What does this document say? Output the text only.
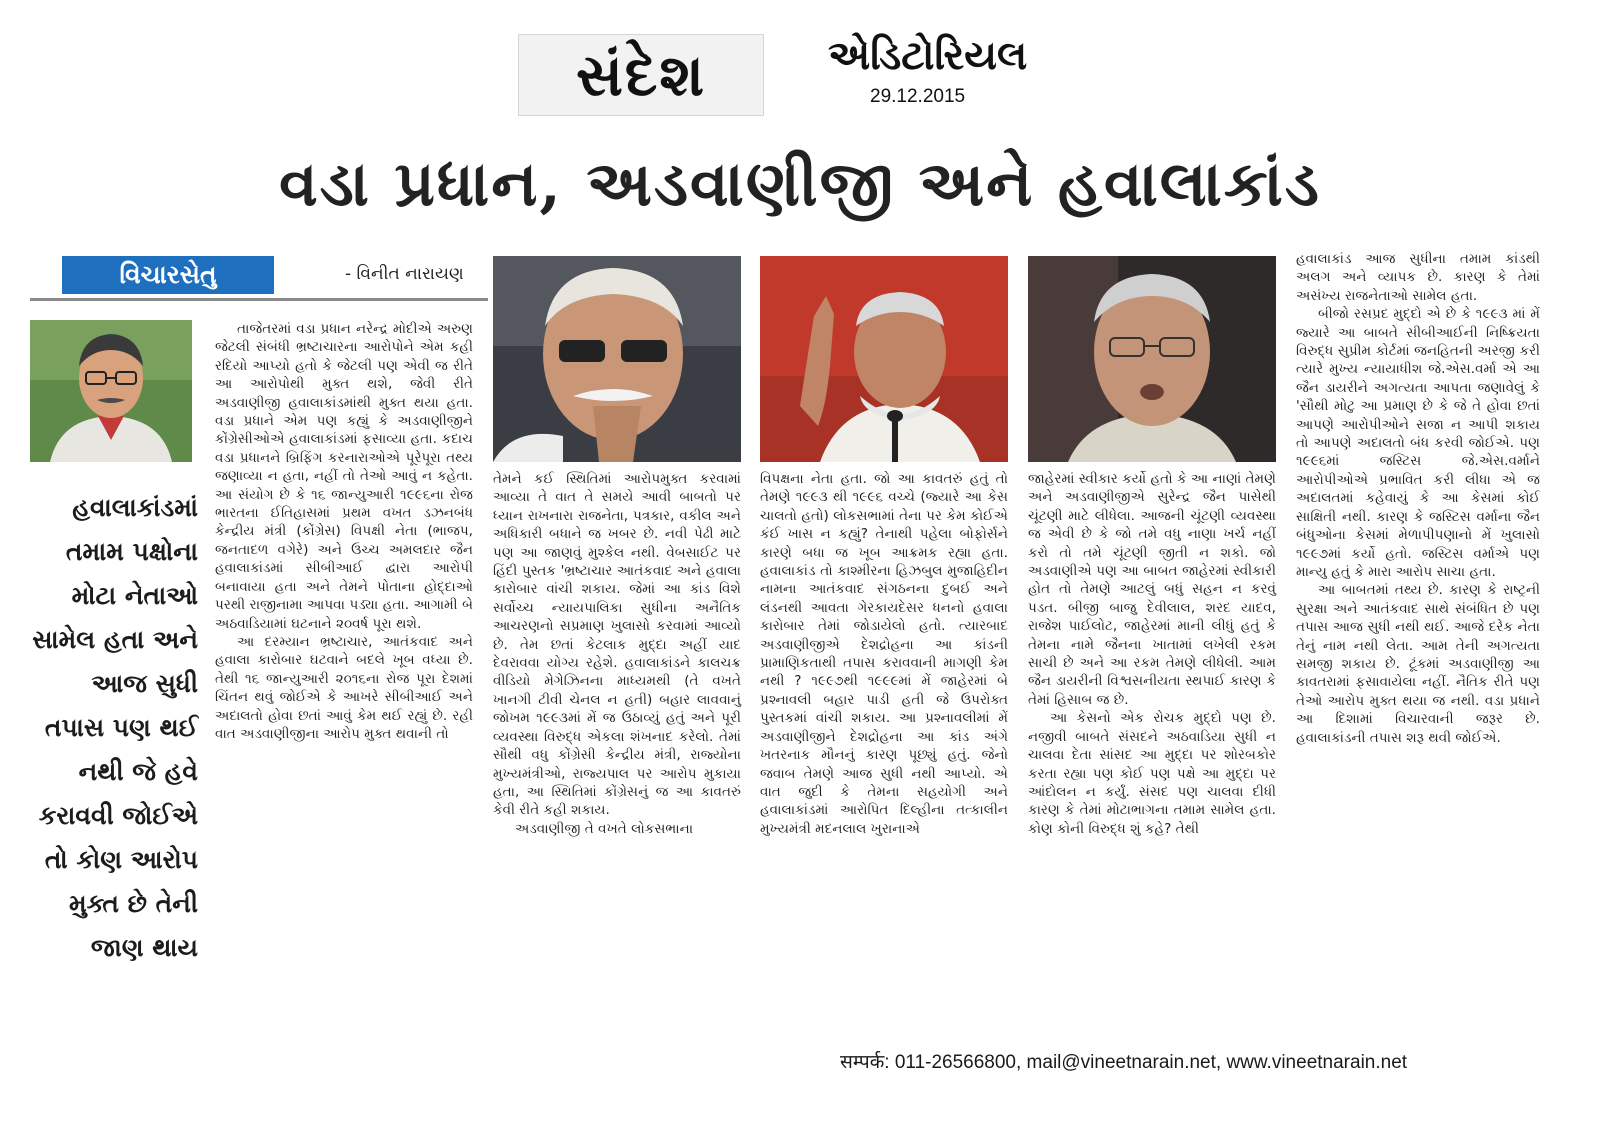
સંદેશ	એડિટોરિયલ
29.12.2015
વડા પ્રધાન, અડવાણીજી અને હવાલાકાંડ
વિચારસેતુ	- વિનીત નારાયણ
હવાલાકાંડમાં તમામ પક્ષોના મોટા નેતાઓ સામેલ હતા અને આજ સુધી તપાસ પણ થઈ નથી જે હવે કરાવવી જોઈએ તો કોણ આરોપ મુક્ત છે તેની જાણ થાય

તાજેતરમાં વડા પ્રધાન નરેન્દ્ર મોદીએ અરુણ જેટલી સંબંધી ભ્રષ્ટાચારના આરોપોને એમ કહી રદિયો આપ્યો હતો કે જેટલી પણ એવી જ રીતે આ આરોપોથી મુક્ત થશે, જેવી રીતે અડવાણીજી હવાલાકાંડમાંથી મુક્ત થયા હતા. વડા પ્રધાને એમ પણ કહ્યું કે અડવાણીજીને કોંગ્રેસીઓએ હવાલાકાંડમાં ફસાવ્યા હતા. કદાચ વડા પ્રધાનને બ્રિફિંગ કરનારાઓએ પૂરેપૂરા તથ્ય જણાવ્યા ન હતા, નહીં તો તેઓ આવું ન કહેતા. આ સંયોગ છે કે ૧૬ જાન્યુઆરી ૧૯૯૬ના રોજ ભારતના ઈતિહાસમાં પ્રથમ વખત ડઝનબંધ કેન્દ્રીય મંત્રી (કોંગ્રેસ) વિપક્ષી નેતા (ભાજપ, જનતાદળ વગેરે) અને ઉચ્ચ અમલદાર જૈન હવાલાકાંડમાં સીબીઆઈ દ્વારા આરોપી બનાવાયા હતા અને તેમને પોતાના હોદ્દાઓ પરથી રાજીનામા આપવા પડ્યા હતા. આગામી બે અઠવાડિયામાં ઘટનાને ૨૦વર્ષ પૂરા થશે.

આ દરમ્યાન ભ્રષ્ટાચાર, આતંકવાદ અને હવાલા કારોબાર ઘટવાને બદલે ખૂબ વધ્યા છે. તેથી ૧૬ જાન્યુઆરી ૨૦૧૬ના રોજ પૂરા દેશમાં ચિંતન થવું જોઈએ કે આખરે સીબીઆઈ અને અદાલતો હોવા છતાં આવું કેમ થઈ રહ્યું છે. રહી વાત અડવાણીજીના આરોપ મુક્ત થવાની તો

તેમને કઈ સ્થિતિમાં આરોપમુક્ત કરવામાં આવ્યા તે વાત તે સમયે આવી બાબતો પર ધ્યાન રાખનારા રાજનેતા, પત્રકાર, વકીલ અને અધિકારી બધાને જ ખબર છે. નવી પેઢી માટે પણ આ જાણવું મુશ્કેલ નથી. વેબસાઈટ પર હિંદી પુસ્તક 'ભ્રષ્ટાચાર આતંકવાદ અને હવાલા કારોબાર વાંચી શકાય. જેમાં આ કાંડ વિશે સર્વોચ્ચ ન્યાયપાલિકા સુધીના અનૈતિક આચરણનો સપ્રમાણ ખુલાસો કરવામાં આવ્યો છે. તેમ છતાં કેટલાક મુદ્દા અહીં યાદ દેવરાવવા યોગ્ય રહેશે. હવાલાકાંડને કાલચક્ર વીડિયો મેગેઝિનના માધ્યમથી (તે વખતે ખાનગી ટીવી ચેનલ ન હતી) બહાર લાવવાનું જોખમ ૧૯૯૩માં મેં જ ઉઠાવ્યું હતું અને પૂરી વ્યવસ્થા વિરુદ્ધ એકલા શંખનાદ કરેલો. તેમાં સૌથી વધુ કોંગ્રેસી કેન્દ્રીય મંત્રી, રાજ્યોના મુખ્યમંત્રીઓ, રાજ્યપાલ પર આરોપ મુકાયા હતા, આ સ્થિતિમાં કોંગ્રેસનું જ આ કાવતરું કેવી રીતે કહી શકાય.

અડવાણીજી તે વખતે લોકસભાના

વિપક્ષના નેતા હતા. જો આ કાવતરું હતું તો તેમણે ૧૯૯૩ થી ૧૯૯૬ વચ્ચે (જ્યારે આ કેસ ચાલતો હતો) લોકસભામાં તેના પર કેમ કોઈએ કંઈ ખાસ ન કહ્યું? તેનાથી પહેલા બોફોર્સને કારણે બધા જ ખૂબ આક્રમક રહ્યા હતા. હવાલાકાંડ તો કાશ્મીરના હિઝબુલ મુજાહિદીન નામના આતંકવાદ સંગઠનના દુબઈ અને લંડનથી આવતા ગેરકાયદેસર ધનનો હવાલા કારોબાર તેમાં જોડાયેલો હતો. ત્યારબાદ અડવાણીજીએ દેશદ્રોહના આ કાંડની પ્રામાણિકતાથી તપાસ કરાવવાની માગણી કેમ નથી ? ૧૯૯૭થી ૧૯૯૯માં મેં જાહેરમાં બે પ્રશ્નાવલી બહાર પાડી હતી જે ઉપરોક્ત પુસ્તકમાં વાંચી શકાય. આ પ્રશ્નાવલીમાં મેં અડવાણીજીને દેશદ્રોહના આ કાંડ અંગે ખતરનાક મૌનનું કારણ પૂછ્યું હતું. જેનો જવાબ તેમણે આજ સુધી નથી આપ્યો. એ વાત જુદી કે તેમના સહયોગી અને હવાલાકાંડમાં આરોપિત દિલ્હીના તત્કાલીન મુખ્યમંત્રી મદનલાલ ખુરાનાએ

જાહેરમાં સ્વીકાર કર્યો હતો કે આ નાણાં તેમણે અને અડવાણીજીએ સુરેન્દ્ર જૈન પાસેથી ચૂંટણી માટે લીધેલા. આજની ચૂંટણી વ્યવસ્થા જ એવી છે કે જો તમે વધુ નાણા ખર્ચ નહીં કરો તો તમે ચૂંટણી જીતી ન શકો. જો અડવાણીએ પણ આ બાબત જાહેરમાં સ્વીકારી હોત તો તેમણે આટલું બધું સહન ન કરવું પડત. બીજી બાજુ દેવીલાલ, શરદ યાદવ, રાજેશ પાઈલોટ, જાહેરમાં માની લીધું હતું કે તેમના નામે જૈનના ખાતામાં લખેલી રકમ સાચી છે અને આ રકમ તેમણે લીધેલી. આમ જૈન ડાયરીની વિશ્વસનીયતા સ્થપાઈ કારણ કે તેમાં હિસાબ જ છે.

આ કેસનો એક રોચક મુદ્દો પણ છે. નજીવી બાબતે સંસદને અઠવાડિયા સુધી ન ચાલવા દેતા સાંસદ આ મુદ્દા પર શોરબકોર કરતા રહ્યા પણ કોઈ પણ પક્ષે આ મુદ્દા પર આંદોલન ન કર્યું. સંસદ પણ ચાલવા દીધી કારણ કે તેમાં મોટાભાગના તમામ સામેલ હતા. કોણ કોની વિરુદ્ધ શું કહે? તેથી

હવાલાકાંડ આજ સુધીના તમામ કાંડથી અલગ અને વ્યાપક છે. કારણ કે તેમાં અસંખ્ય રાજનેતાઓ સામેલ હતા.

બીજો રસપ્રદ મુદ્દો એ છે કે ૧૯૯૩ માં મેં જ્યારે આ બાબતે સીબીઆઈની નિષ્ક્રિયતા વિરુદ્ધ સુપ્રીમ કોર્ટમાં જનહિતની અરજી કરી ત્યારે મુખ્ય ન્યાયાધીશ જે.એસ.વર્મા એ આ જૈન ડાયરીને અગત્યતા આપતા જણાવેલું કે 'સૌથી મોટુ આ પ્રમાણ છે કે જે તે હોવા છતાં આપણે આરોપીઓને સજા ન આપી શકાય તો આપણે અદાલતો બંધ કરવી જોઈએ. પણ ૧૯૯૬માં જસ્ટિસ જે.એસ.વર્માને આરોપીઓએ પ્રભાવિત કરી લીધા એ જ અદાલતમાં કહેવાયું કે આ કેસમાં કોઈ સાક્ષિતી નથી. કારણ કે જસ્ટિસ વર્માના જૈન બંધુઓના કેસમાં મેળાપીપણાનો મેં ખુલાસો ૧૯૯૭માં કર્યો હતો. જસ્ટિસ વર્માએ પણ માન્યુ હતું કે મારા આરોપ સાચા હતા.

આ બાબતમાં તથ્ય છે. કારણ કે રાષ્ટ્રની સુરક્ષા અને આતંકવાદ સાથે સંબંધિત છે પણ તપાસ આજ સુધી નથી થઈ. આજે દરેક નેતા તેનું નામ નથી લેતા. આમ તેની અગત્યતા સમજી શકાય છે. ટૂંકમાં અડવાણીજી આ કાવતરામાં ફસાવાયેલા નહીં. નૈતિક રીતે પણ તેઓ આરોપ મુક્ત થયા જ નથી. વડા પ્રધાને આ દિશામાં વિચારવાની જરૂર છે. હવાલાકાંડની તપાસ શરૂ થવી જોઈએ.

सम्पर्क: 011-26566800, mail@vineetnarain.net, www.vineetnarain.net
